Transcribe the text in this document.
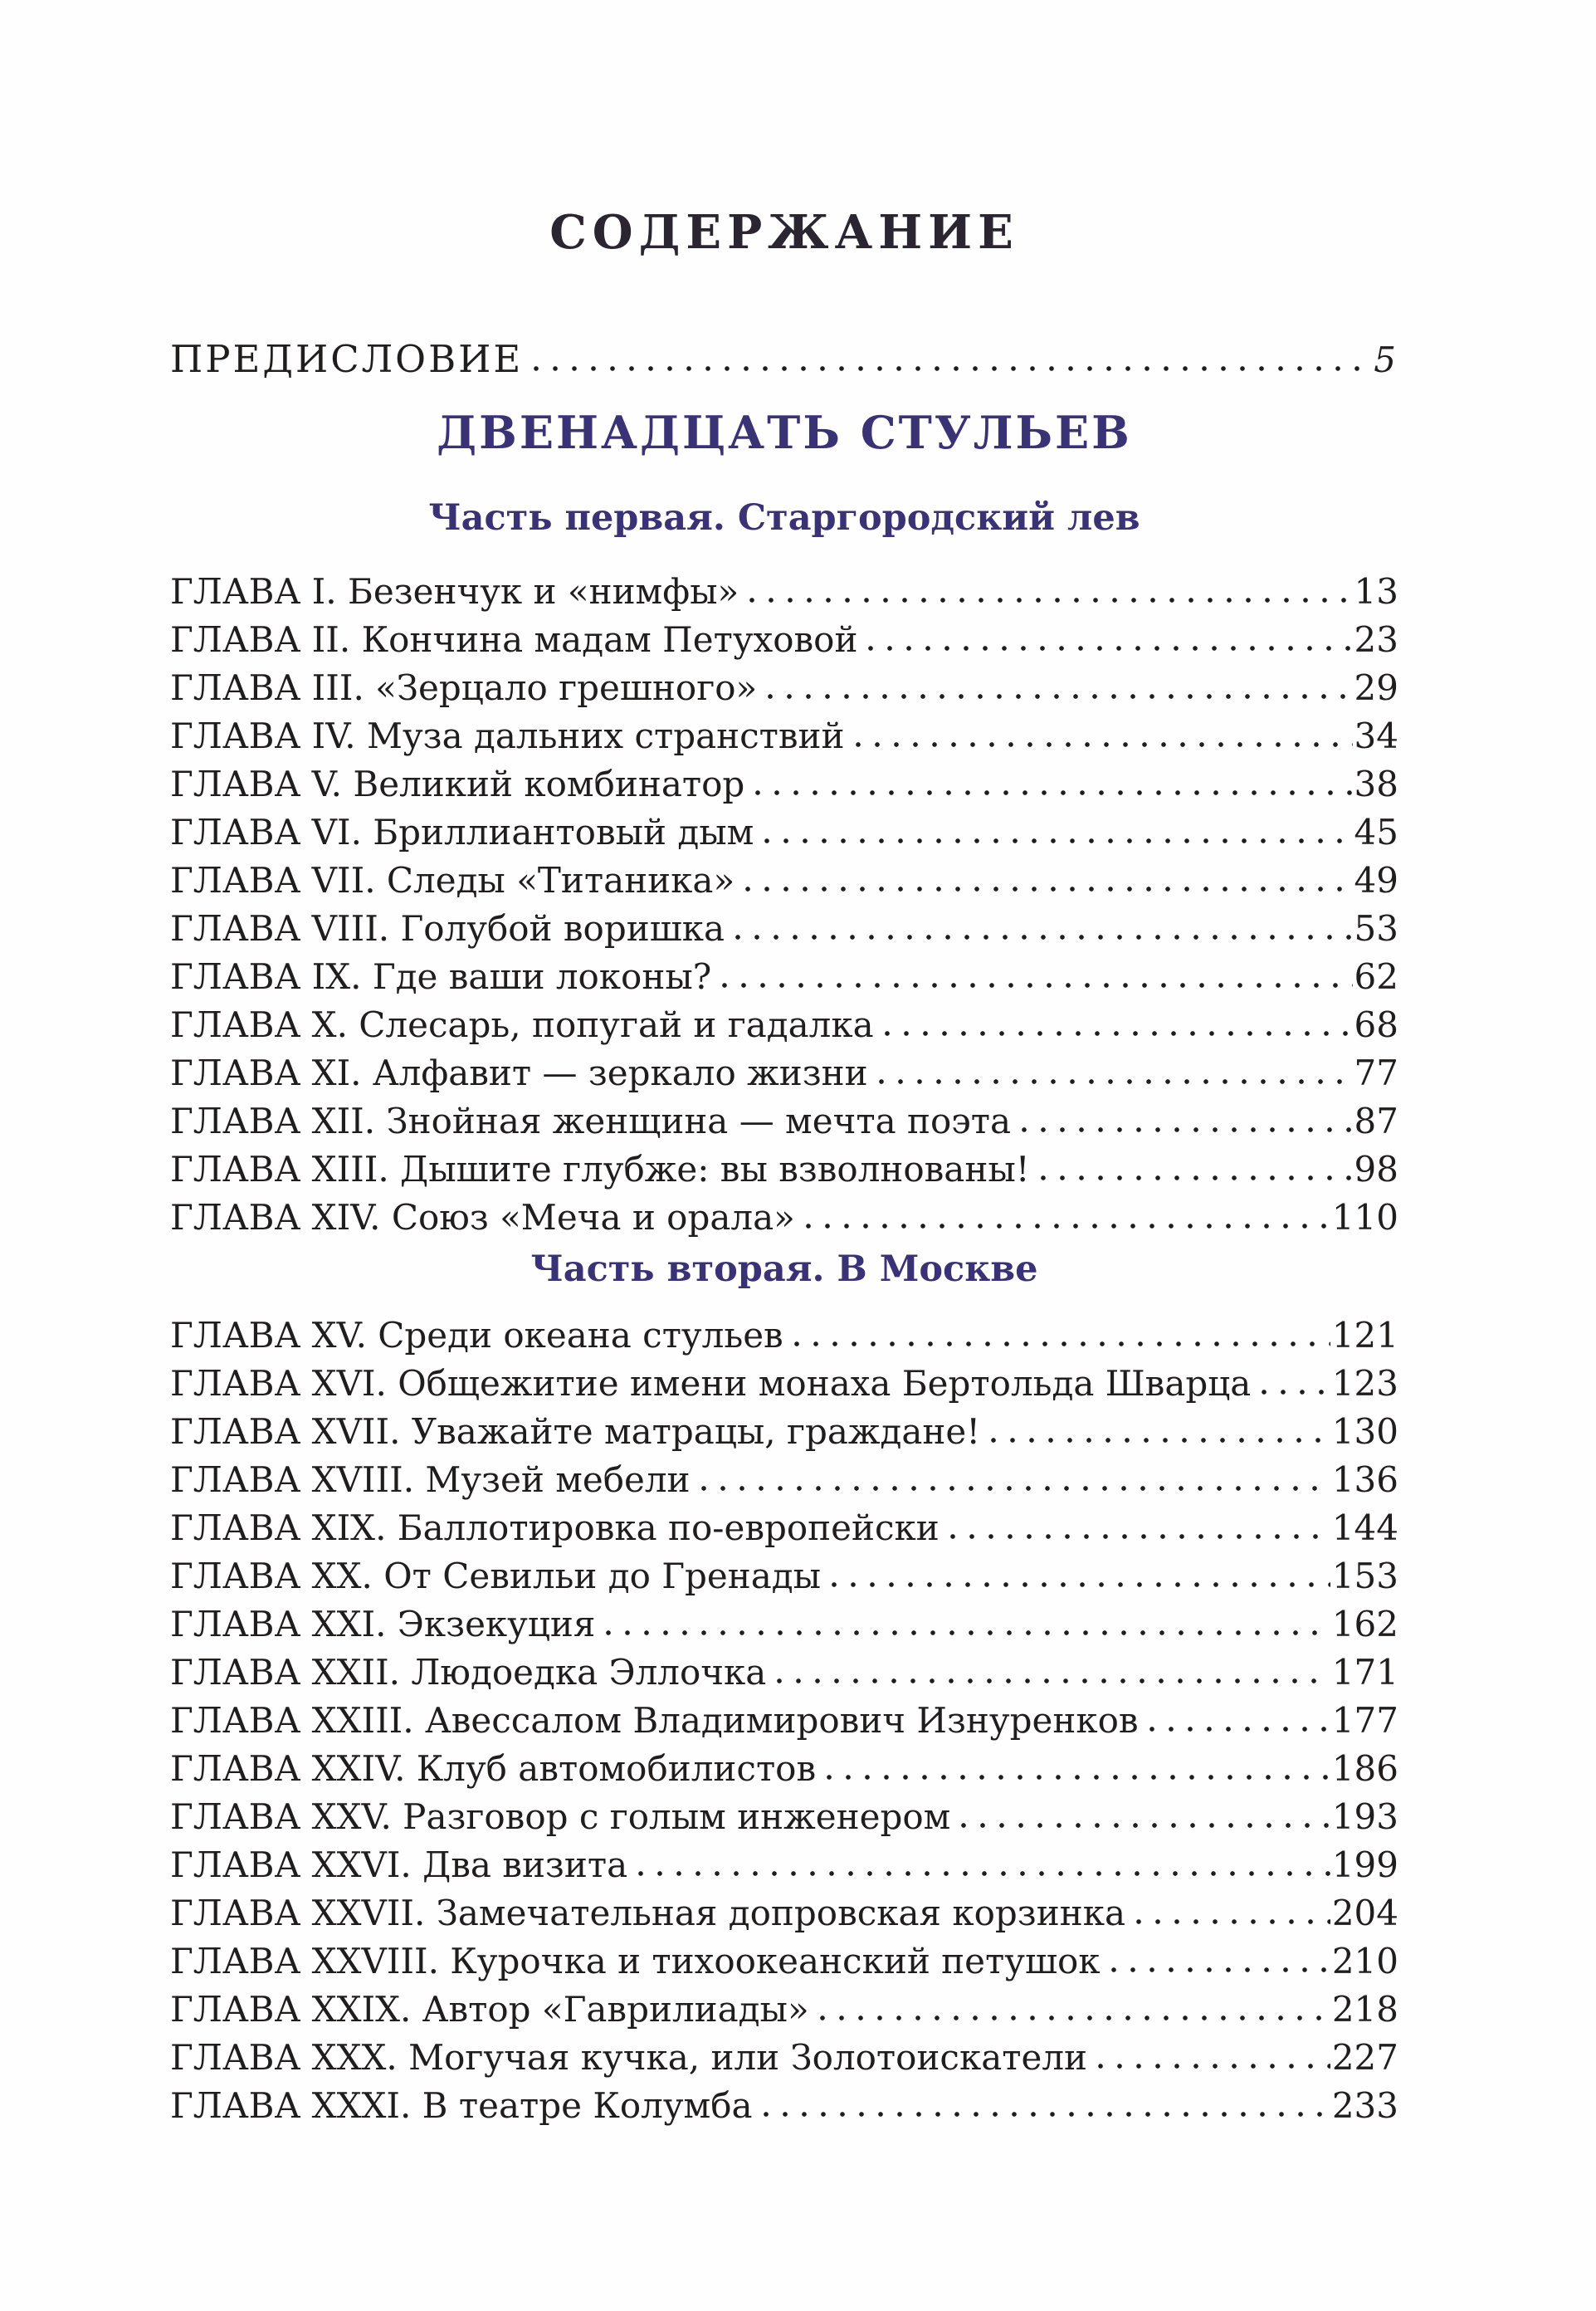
СОДЕРЖАНИЕ
ПРЕДИСЛОВИЕ	5
ДВЕНАДЦАТЬ СТУЛЬЕВ
Часть первая. Старгородский лев
ГЛАВА I. Безенчук и «нимфы»	13
ГЛАВА II. Кончина мадам Петуховой	23
ГЛАВА III. «Зерцало грешного»	29
ГЛАВА IV. Муза дальних странствий	34
ГЛАВА V. Великий комбинатор	38
ГЛАВА VI. Бриллиантовый дым	45
ГЛАВА VII. Следы «Титаника»	49
ГЛАВА VIII. Голубой воришка	53
ГЛАВА IX. Где ваши локоны?	62
ГЛАВА X. Слесарь, попугай и гадалка	68
ГЛАВА XI. Алфавит — зеркало жизни	77
ГЛАВА XII. Знойная женщина — мечта поэта	87
ГЛАВА XIII. Дышите глубже: вы взволнованы!	98
ГЛАВА XIV. Союз «Меча и орала»	110
Часть вторая. В Москве
ГЛАВА XV. Среди океана стульев	121
ГЛАВА XVI. Общежитие имени монаха Бертольда Шварца 123
ГЛАВА XVII. Уважайте матрацы, граждане!	130
ГЛАВА XVIII. Музей мебели	136
ГЛАВА XIX. Баллотировка по-европейски	144
ГЛАВА XX. От Севильи до Гренады	153
ГЛАВА XXI. Экзекуция	162
ГЛАВА XXII. Людоедка Эллочка	171
ГЛАВА XXIII. Авессалом Владимирович Изнуренков	177
ГЛАВА XXIV. Клуб автомобилистов	186
ГЛАВА XXV. Разговор с голым инженером	193
ГЛАВА XXVI. Два визита	199
ГЛАВА XXVII. Замечательная допровская корзинка	204
ГЛАВА XXVIII. Курочка и тихоокеанский петушок	210
ГЛАВА XXIX. Автор «Гаврилиады»	218
ГЛАВА XXX. Могучая кучка, или Золотоискатели	227
ГЛАВА XXXI. В театре Колумба	233
